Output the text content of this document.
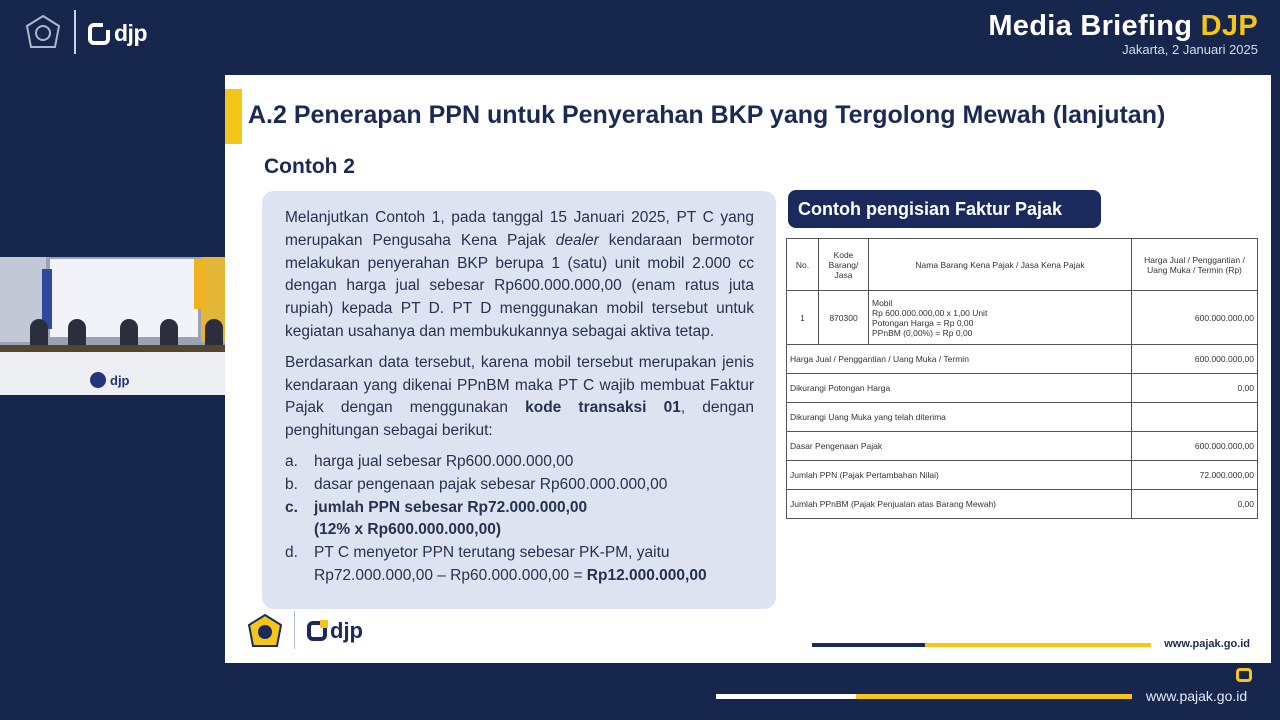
djp	Media Briefing DJP
Jakarta, 2 Januari 2025
djp
A.2 Penerapan PPN untuk Penyerahan BKP yang Tergolong Mewah (lanjutan)
Contoh 2

Melanjutkan Contoh 1, pada tanggal 15 Januari 2025, PT C yang merupakan Pengusaha Kena Pajak dealer kendaraan bermotor melakukan penyerahan BKP berupa 1 (satu) unit mobil 2.000 cc dengan harga jual sebesar Rp600.000.000,00 (enam ratus juta rupiah) kepada PT D. PT D menggunakan mobil tersebut untuk kegiatan usahanya dan membukukannya sebagai aktiva tetap.

Berdasarkan data tersebut, karena mobil tersebut merupakan jenis kendaraan yang dikenai PPnBM maka PT C wajib membuat Faktur Pajak dengan menggunakan kode transaksi 01, dengan penghitungan sebagai berikut:

a.	harga jual sebesar Rp600.000.000,00
b.	dasar pengenaan pajak sebesar Rp600.000.000,00
c.	jumlah PPN sebesar Rp72.000.000,00
(12% x Rp600.000.000,00)
d.	PT C menyetor PPN terutang sebesar PK-PM, yaitu
Rp72.000.000,00 – Rp60.000.000,00 = Rp12.000.000,00
Contoh pengisian Faktur Pajak
No.	Kode Barang/ Jasa	Nama Barang Kena Pajak / Jasa Kena Pajak	Harga Jual / Penggantian / Uang Muka / Termin (Rp)
1	870300	Mobil
Rp 600.000.000,00 x 1,00 Unit
Potongan Harga = Rp 0,00
PPnBM (0,00%) = Rp 0,00	600.000.000,00
Harga Jual / Penggantian / Uang Muka / Termin			600.000.000,00
Dikurangi Potongan Harga			0,00
Dikurangi Uang Muka yang telah diterima			
Dasar Pengenaan Pajak			600.000.000,00
Jumlah PPN (Pajak Pertambahan Nilai)			72.000.000,00
Jumlah PPnBM (Pajak Penjualan atas Barang Mewah)			0,00
djp
www.pajak.go.id
www.pajak.go.id
